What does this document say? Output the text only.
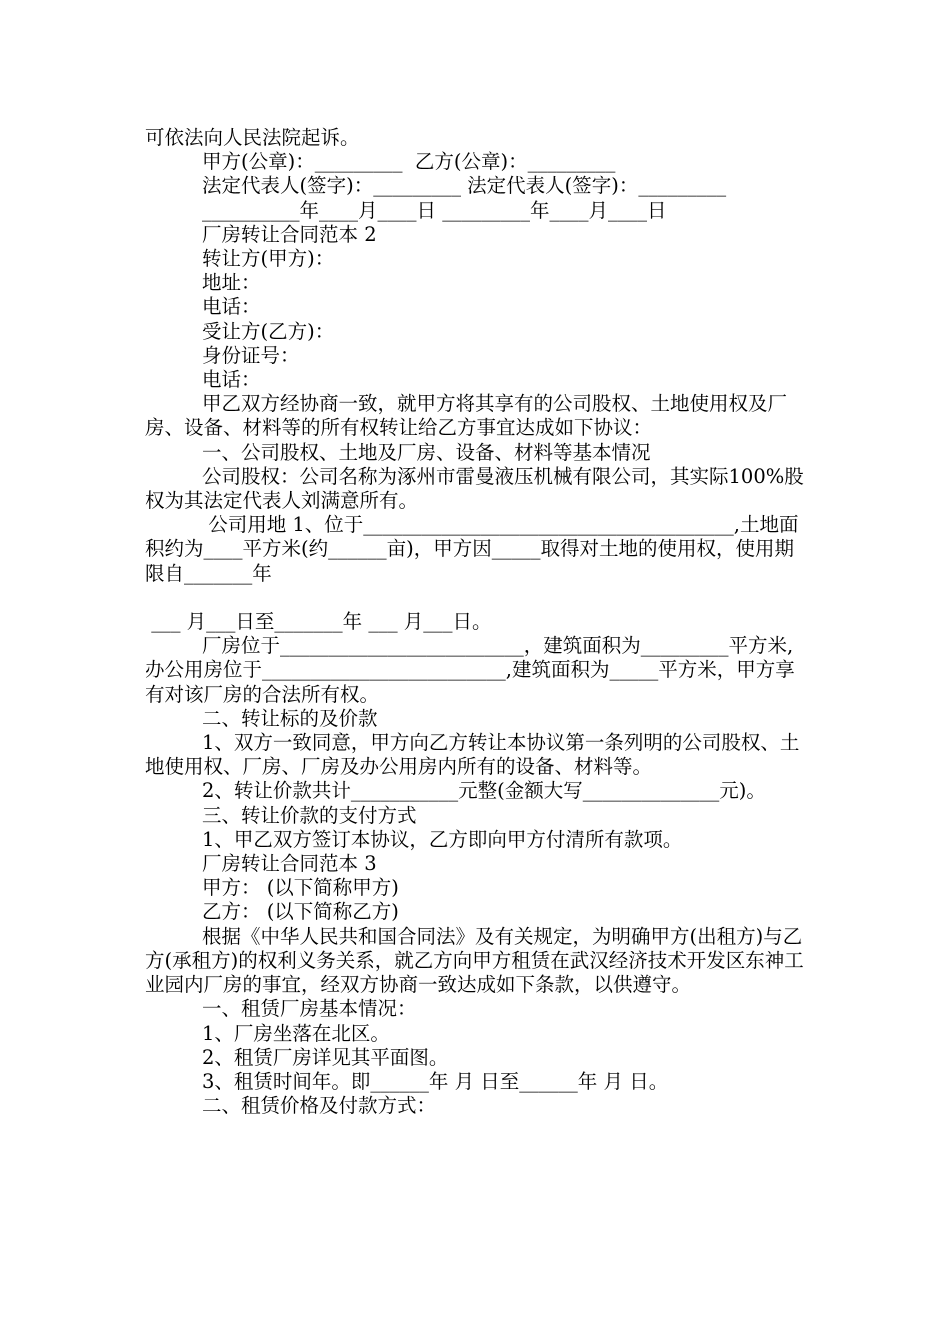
可依法向人民法院起诉。

甲方(公章)：_________  乙方(公章)：_________

法定代表人(签字)：_________ 法定代表人(签字)：_________

__________年____月____日 _________年____月____日

厂房转让合同范本 2

转让方(甲方)：

地址：

电话：

受让方(乙方)：

身份证号：

电话：

甲乙双方经协商一致，就甲方将其享有的公司股权、土地使用权及厂房、设备、材料等的所有权转让给乙方事宜达成如下协议：

一、公司股权、土地及厂房、设备、材料等基本情况

公司股权：公司名称为涿州市雷曼液压机械有限公司，其实际100%股权为其法定代表人刘满意所有。

公司用地 1、位于______________________________________,土地面积约为____平方米(约______亩)，甲方因_____取得对土地的使用权，使用期限自_______年

___ 月___日至_______年 ___ 月___日。

厂房位于_________________________，建筑面积为_________平方米,办公用房位于_________________________,建筑面积为_____平方米，甲方享有对该厂房的合法所有权。

二、转让标的及价款

1、双方一致同意，甲方向乙方转让本协议第一条列明的公司股权、土地使用权、厂房、厂房及办公用房内所有的设备、材料等。

2、转让价款共计___________元整(金额大写______________元)。

三、转让价款的支付方式

1、甲乙双方签订本协议，乙方即向甲方付清所有款项。

厂房转让合同范本 3

甲方： (以下简称甲方)

乙方： (以下简称乙方)

根据《中华人民共和国合同法》及有关规定，为明确甲方(出租方)与乙方(承租方)的权利义务关系，就乙方向甲方租赁在武汉经济技术开发区东神工业园内厂房的事宜，经双方协商一致达成如下条款，以供遵守。

一、租赁厂房基本情况：

1、厂房坐落在北区。

2、租赁厂房详见其平面图。

3、租赁时间年。即______年 月 日至______年 月 日。

二、租赁价格及付款方式：
